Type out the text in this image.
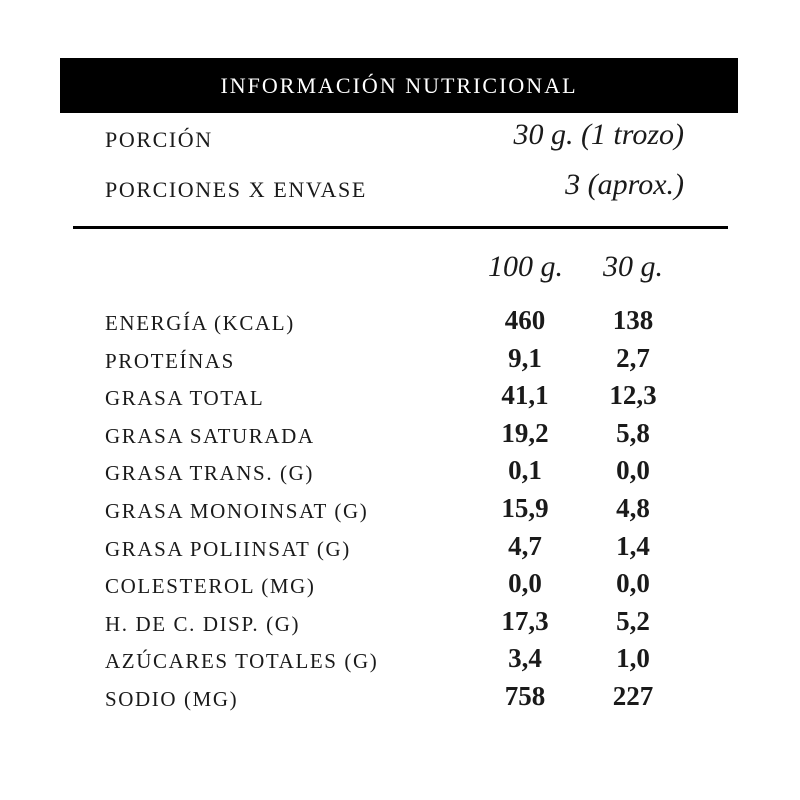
INFORMACIÓN NUTRICIONAL
PORCIÓN	30 g. (1 trozo)
PORCIONES X ENVASE	3 (aprox.)
100 g. 30 g.
ENERGÍA (KCAL)	460	138
PROTEÍNAS	9,1	2,7
GRASA TOTAL	41,1	12,3
GRASA SATURADA	19,2	5,8
GRASA TRANS. (G)	0,1	0,0
GRASA MONOINSAT (G)	15,9	4,8
GRASA POLIINSAT (G)	4,7	1,4
COLESTEROL (MG)	0,0	0,0
H. DE C. DISP. (G)	17,3	5,2
AZÚCARES TOTALES (G)	3,4	1,0
SODIO (MG)	758	227
